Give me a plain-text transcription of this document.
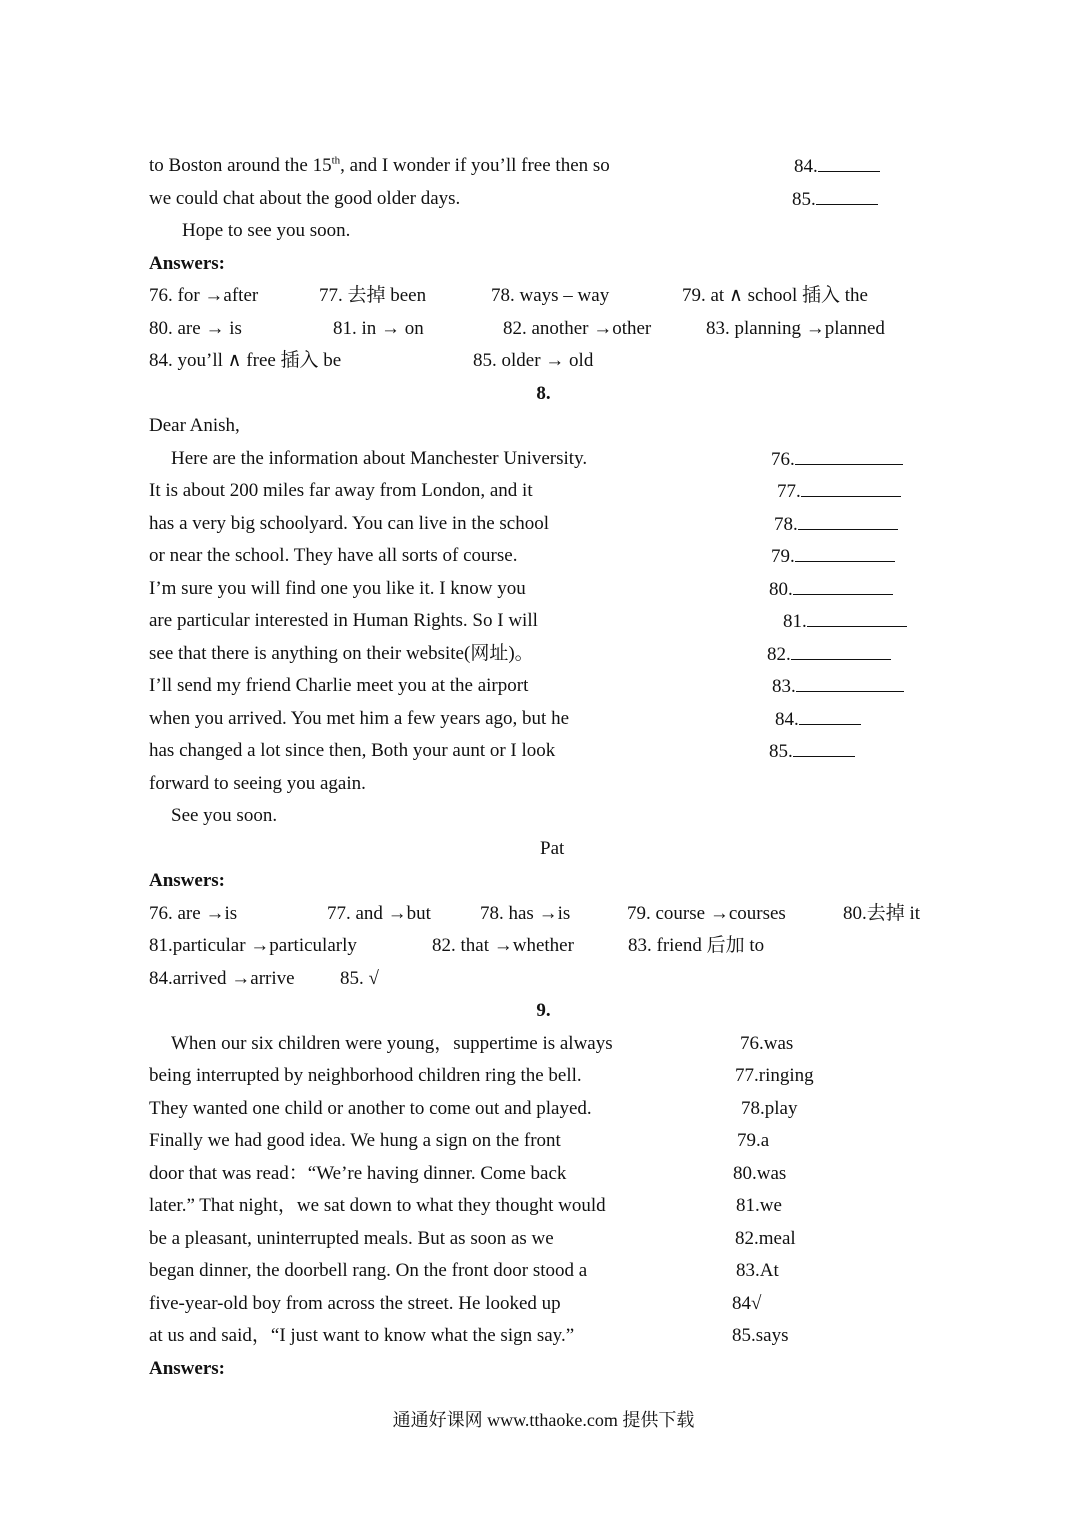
to Boston around the 15th, and I wonder if you’ll free then so	84.
we could chat about the good older days.	85.
Hope to see you soon.
Answers:
76. for →after	77. 去掉 been	78. ways – way	79. at ∧ school 插入 the
80. are → is	81. in → on	82. another →other	83. planning →planned
84. you’ll ∧ free 插入 be	85. older → old
8.
Dear Anish,
Here are the information about Manchester University.	76.
It is about 200 miles far away from London, and it	77.
has a very big schoolyard. You can live in the school	78.
or near the school. They have all sorts of course.	79.
I’m sure you will find one you like it. I know you	80.
are particular interested in Human Rights. So I will	81.
see that there is anything on their website(网址)。	82.
I’ll send my friend Charlie meet you at the airport	83.
when you arrived. You met him a few years ago, but he	84.
has changed a lot since then, Both your aunt or I look	85.
forward to seeing you again.
See you soon.
Pat
Answers:
76. are →is	77. and →but	78. has →is	79. course →courses	80.去掉 it
81.particular →particularly	82. that →whether	83. friend 后加 to
84.arrived →arrive 85. √
9.
When our six children were young，suppertime is always	76.was
being interrupted by neighborhood children ring the bell.	77.ringing
They wanted one child or another to come out and played.	78.play
Finally we had good idea. We hung a sign on the front	79.a
door that was read：“We’re having dinner. Come back	80.was
later.” That night，we sat down to what they thought would	81.we
be a pleasant, uninterrupted meals. But as soon as we	82.meal
began dinner, the doorbell rang. On the front door stood a	83.At
five-year-old boy from across the street. He looked up	84√
at us and said，“I just want to know what the sign say.”	85.says
Answers:
通通好课网 www.tthaoke.com 提供下载
